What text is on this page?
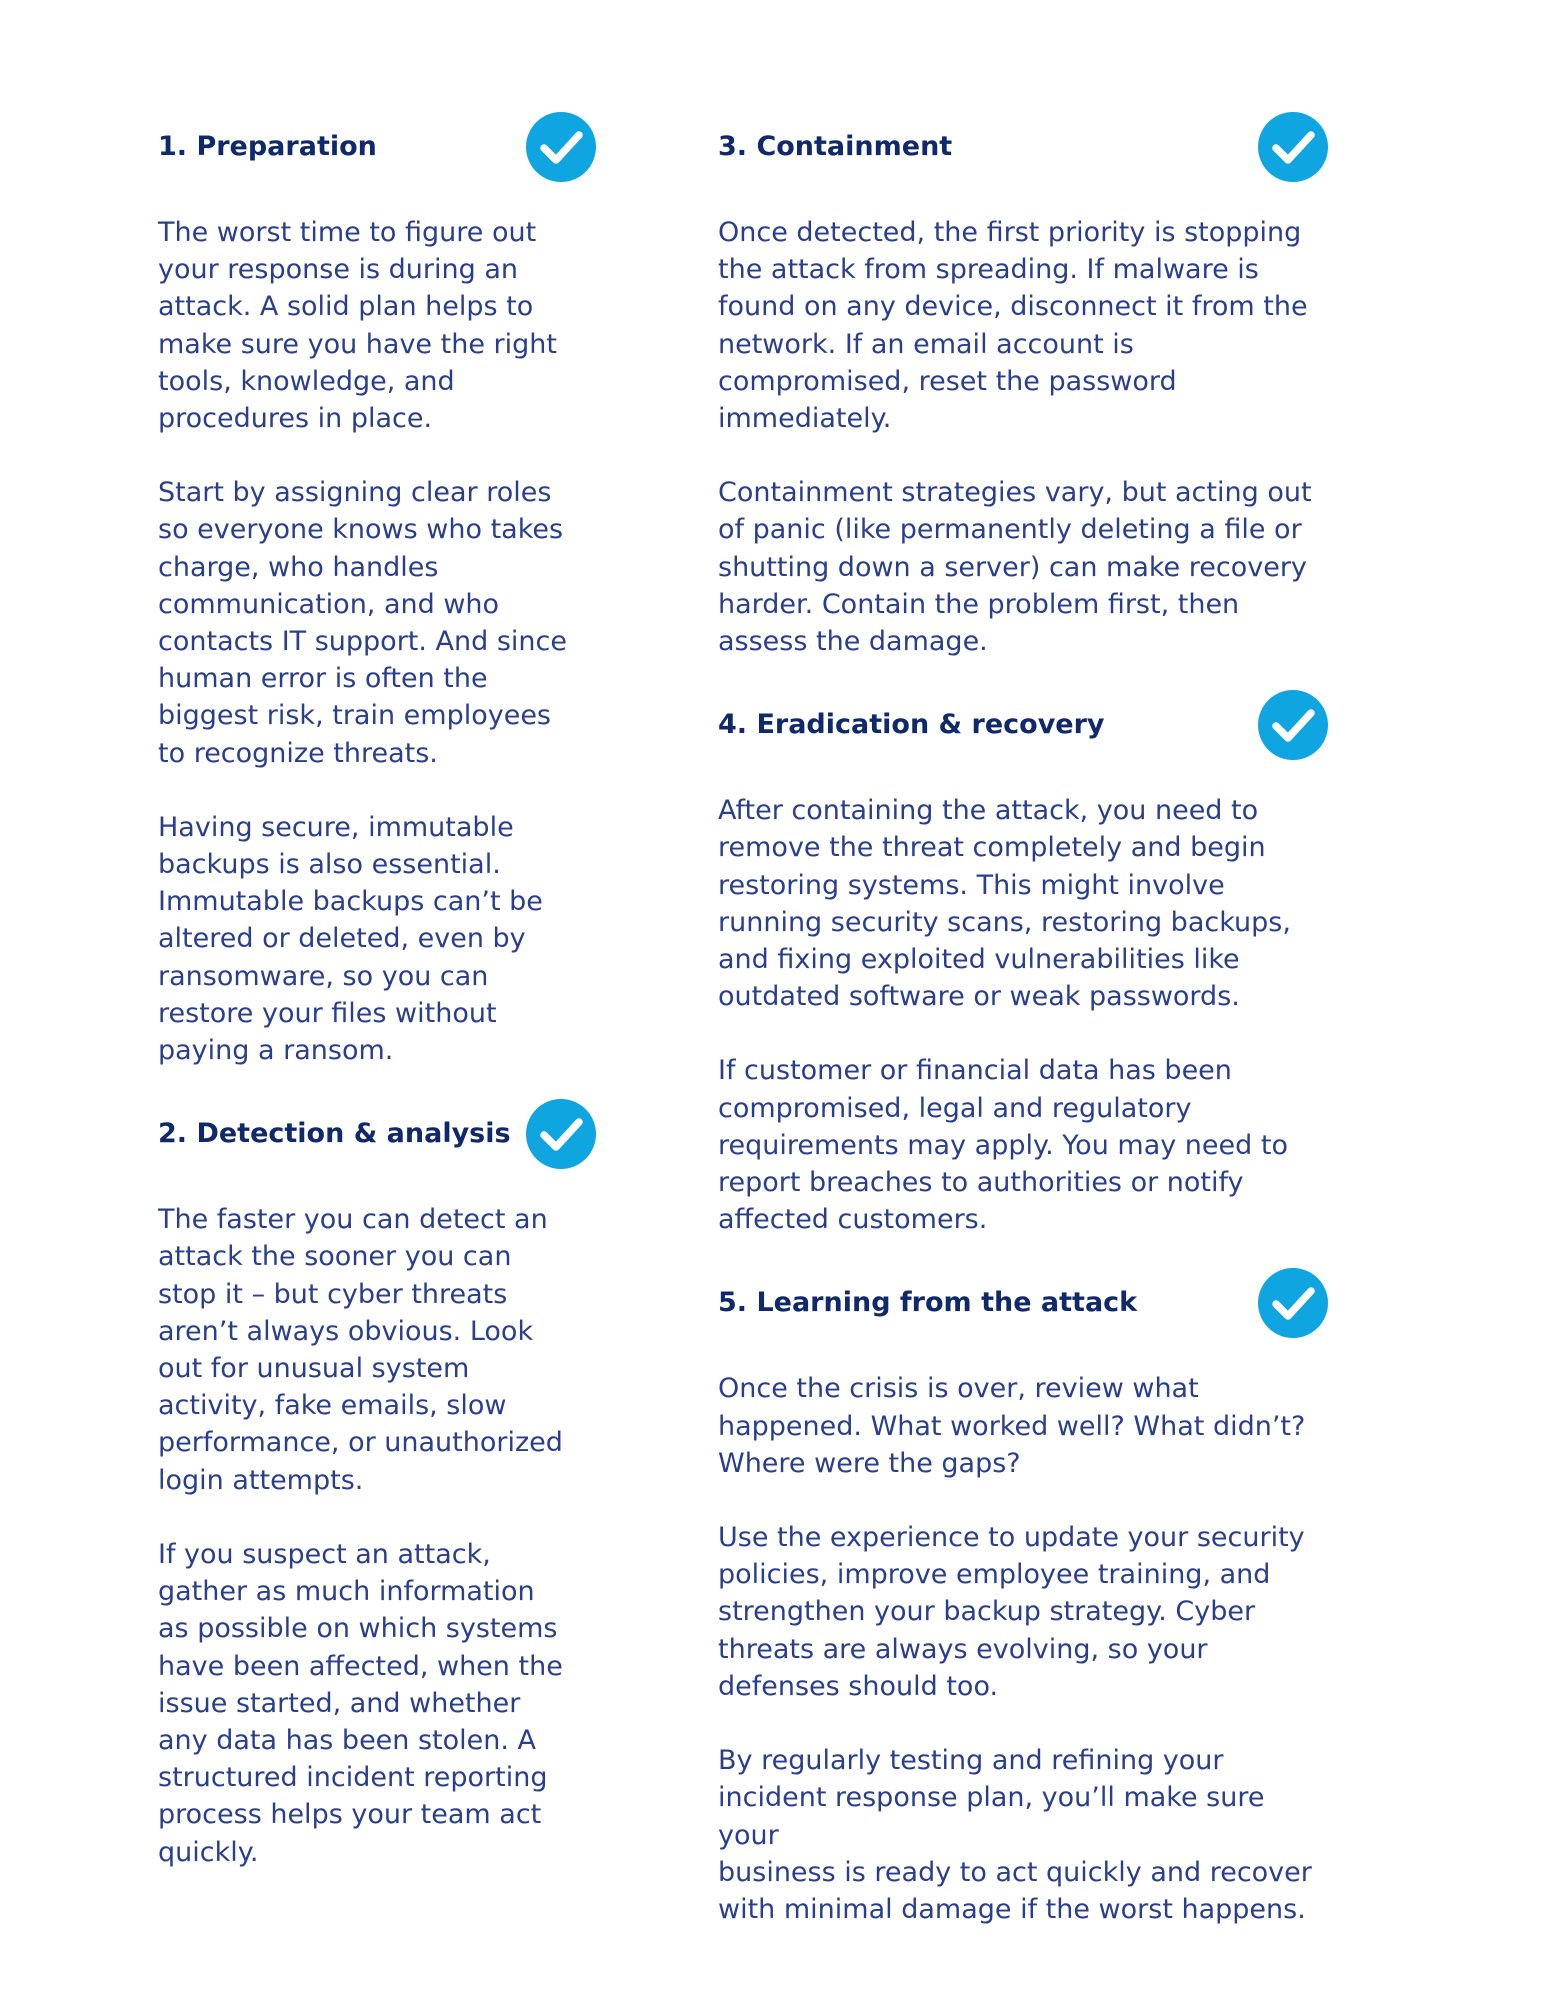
1. Preparation

The worst time to figure out
your response is during an
attack. A solid plan helps to
make sure you have the right
tools, knowledge, and
procedures in place.

Start by assigning clear roles
so everyone knows who takes
charge, who handles
communication, and who
contacts IT support. And since
human error is often the
biggest risk, train employees
to recognize threats.

Having secure, immutable
backups is also essential.
Immutable backups can’t be
altered or deleted, even by
ransomware, so you can
restore your files without
paying a ransom.

2. Detection & analysis

The faster you can detect an
attack the sooner you can
stop it – but cyber threats
aren’t always obvious. Look
out for unusual system
activity, fake emails, slow
performance, or unauthorized
login attempts.

If you suspect an attack,
gather as much information
as possible on which systems
have been affected, when the
issue started, and whether
any data has been stolen. A
structured incident reporting
process helps your team act
quickly.

3. Containment

Once detected, the first priority is stopping
the attack from spreading. If malware is
found on any device, disconnect it from the
network. If an email account is
compromised, reset the password
immediately.

Containment strategies vary, but acting out
of panic (like permanently deleting a file or
shutting down a server) can make recovery
harder. Contain the problem first, then
assess the damage.

4. Eradication & recovery

After containing the attack, you need to
remove the threat completely and begin
restoring systems. This might involve
running security scans, restoring backups,
and fixing exploited vulnerabilities like
outdated software or weak passwords.

If customer or financial data has been
compromised, legal and regulatory
requirements may apply. You may need to
report breaches to authorities or notify
affected customers.

5. Learning from the attack

Once the crisis is over, review what
happened. What worked well? What didn’t?
Where were the gaps?

Use the experience to update your security
policies, improve employee training, and
strengthen your backup strategy. Cyber
threats are always evolving, so your
defenses should too.

By regularly testing and refining your
incident response plan, you’ll make sure your
business is ready to act quickly and recover
with minimal damage if the worst happens.
